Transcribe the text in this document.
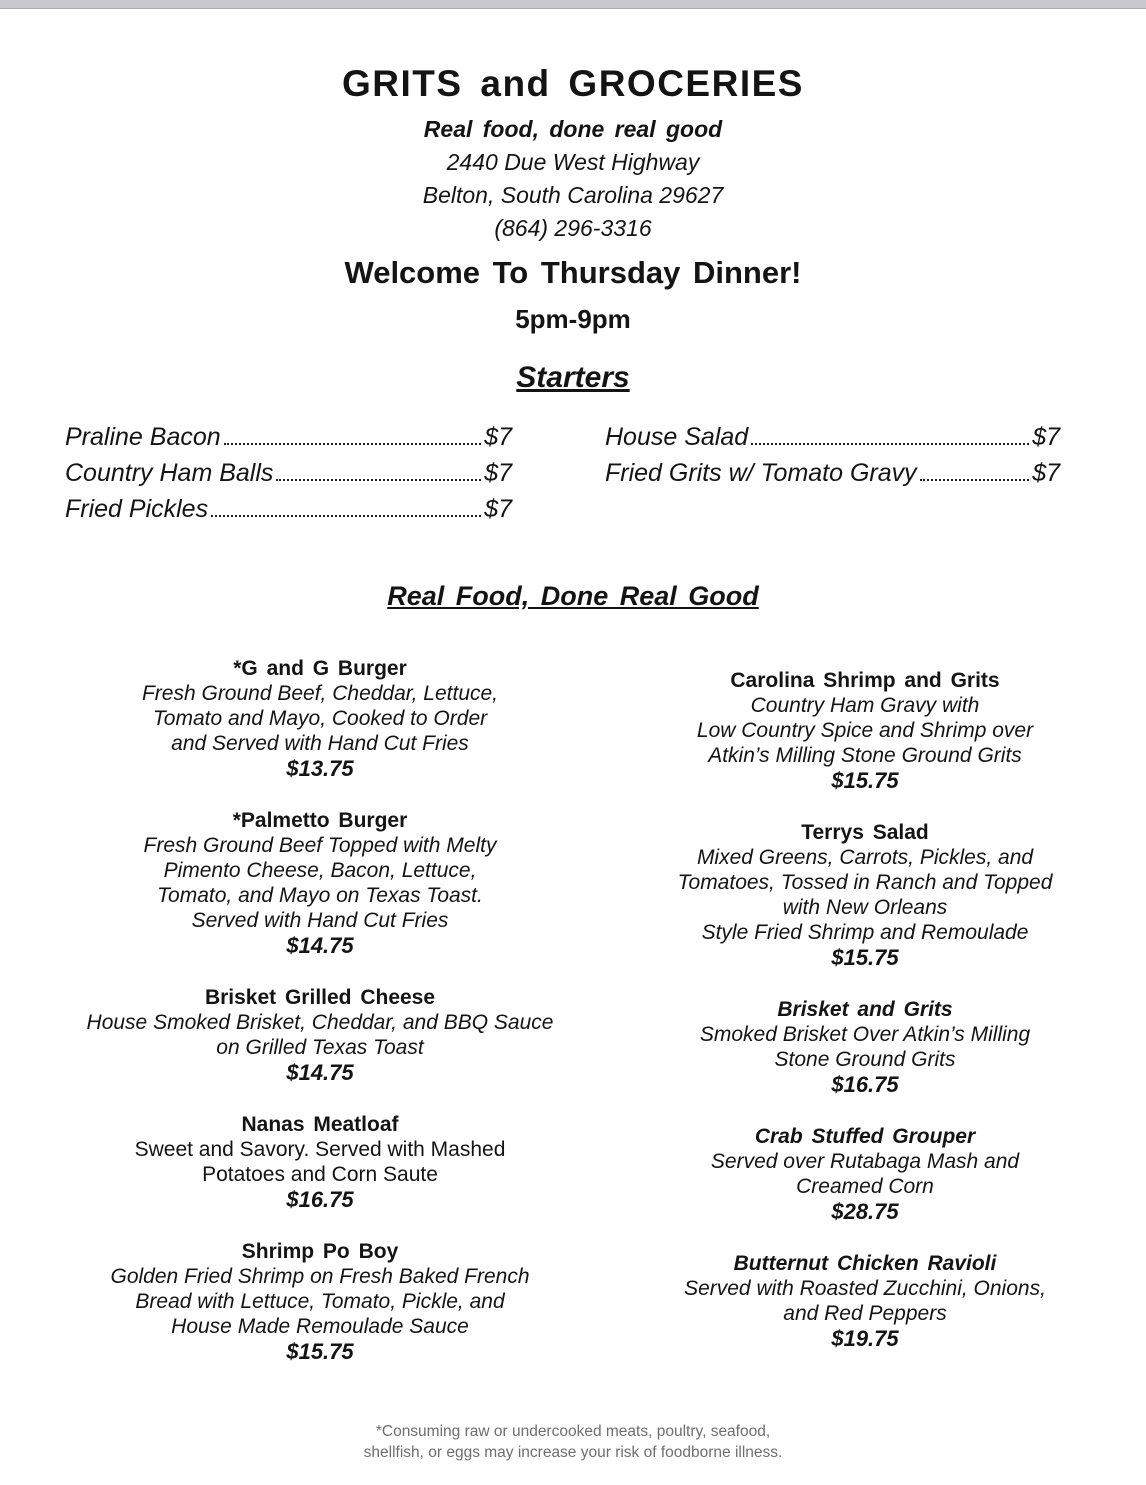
GRITS and GROCERIES
Real food, done real good
2440 Due West Highway
Belton, South Carolina 29627
(864) 296-3316
Welcome To Thursday Dinner!
5pm-9pm
Starters
Praline Bacon	$7
Country Ham Balls	$7
Fried Pickles	$7
House Salad	$7
Fried Grits w/ Tomato Gravy	$7
Real Food, Done Real Good
*G and G Burger
Fresh Ground Beef, Cheddar, Lettuce,
Tomato and Mayo, Cooked to Order
and Served with Hand Cut Fries
$13.75
*Palmetto Burger
Fresh Ground Beef Topped with Melty
Pimento Cheese, Bacon, Lettuce,
Tomato, and Mayo on Texas Toast.
Served with Hand Cut Fries
$14.75
Brisket Grilled Cheese
House Smoked Brisket, Cheddar, and BBQ Sauce
on Grilled Texas Toast
$14.75
Nanas Meatloaf
Sweet and Savory. Served with Mashed
Potatoes and Corn Saute
$16.75
Shrimp Po Boy
Golden Fried Shrimp on Fresh Baked French
Bread with Lettuce, Tomato, Pickle, and
House Made Remoulade Sauce
$15.75
Carolina Shrimp and Grits
Country Ham Gravy with
Low Country Spice and Shrimp over
Atkin’s Milling Stone Ground Grits
$15.75
Terrys Salad
Mixed Greens, Carrots, Pickles, and
Tomatoes, Tossed in Ranch and Topped
with New Orleans
Style Fried Shrimp and Remoulade
$15.75
Brisket and Grits
Smoked Brisket Over Atkin’s Milling
Stone Ground Grits
$16.75
Crab Stuffed Grouper
Served over Rutabaga Mash and
Creamed Corn
$28.75
Butternut Chicken Ravioli
Served with Roasted Zucchini, Onions,
and Red Peppers
$19.75
*Consuming raw or undercooked meats, poultry, seafood,
shellfish, or eggs may increase your risk of foodborne illness.
